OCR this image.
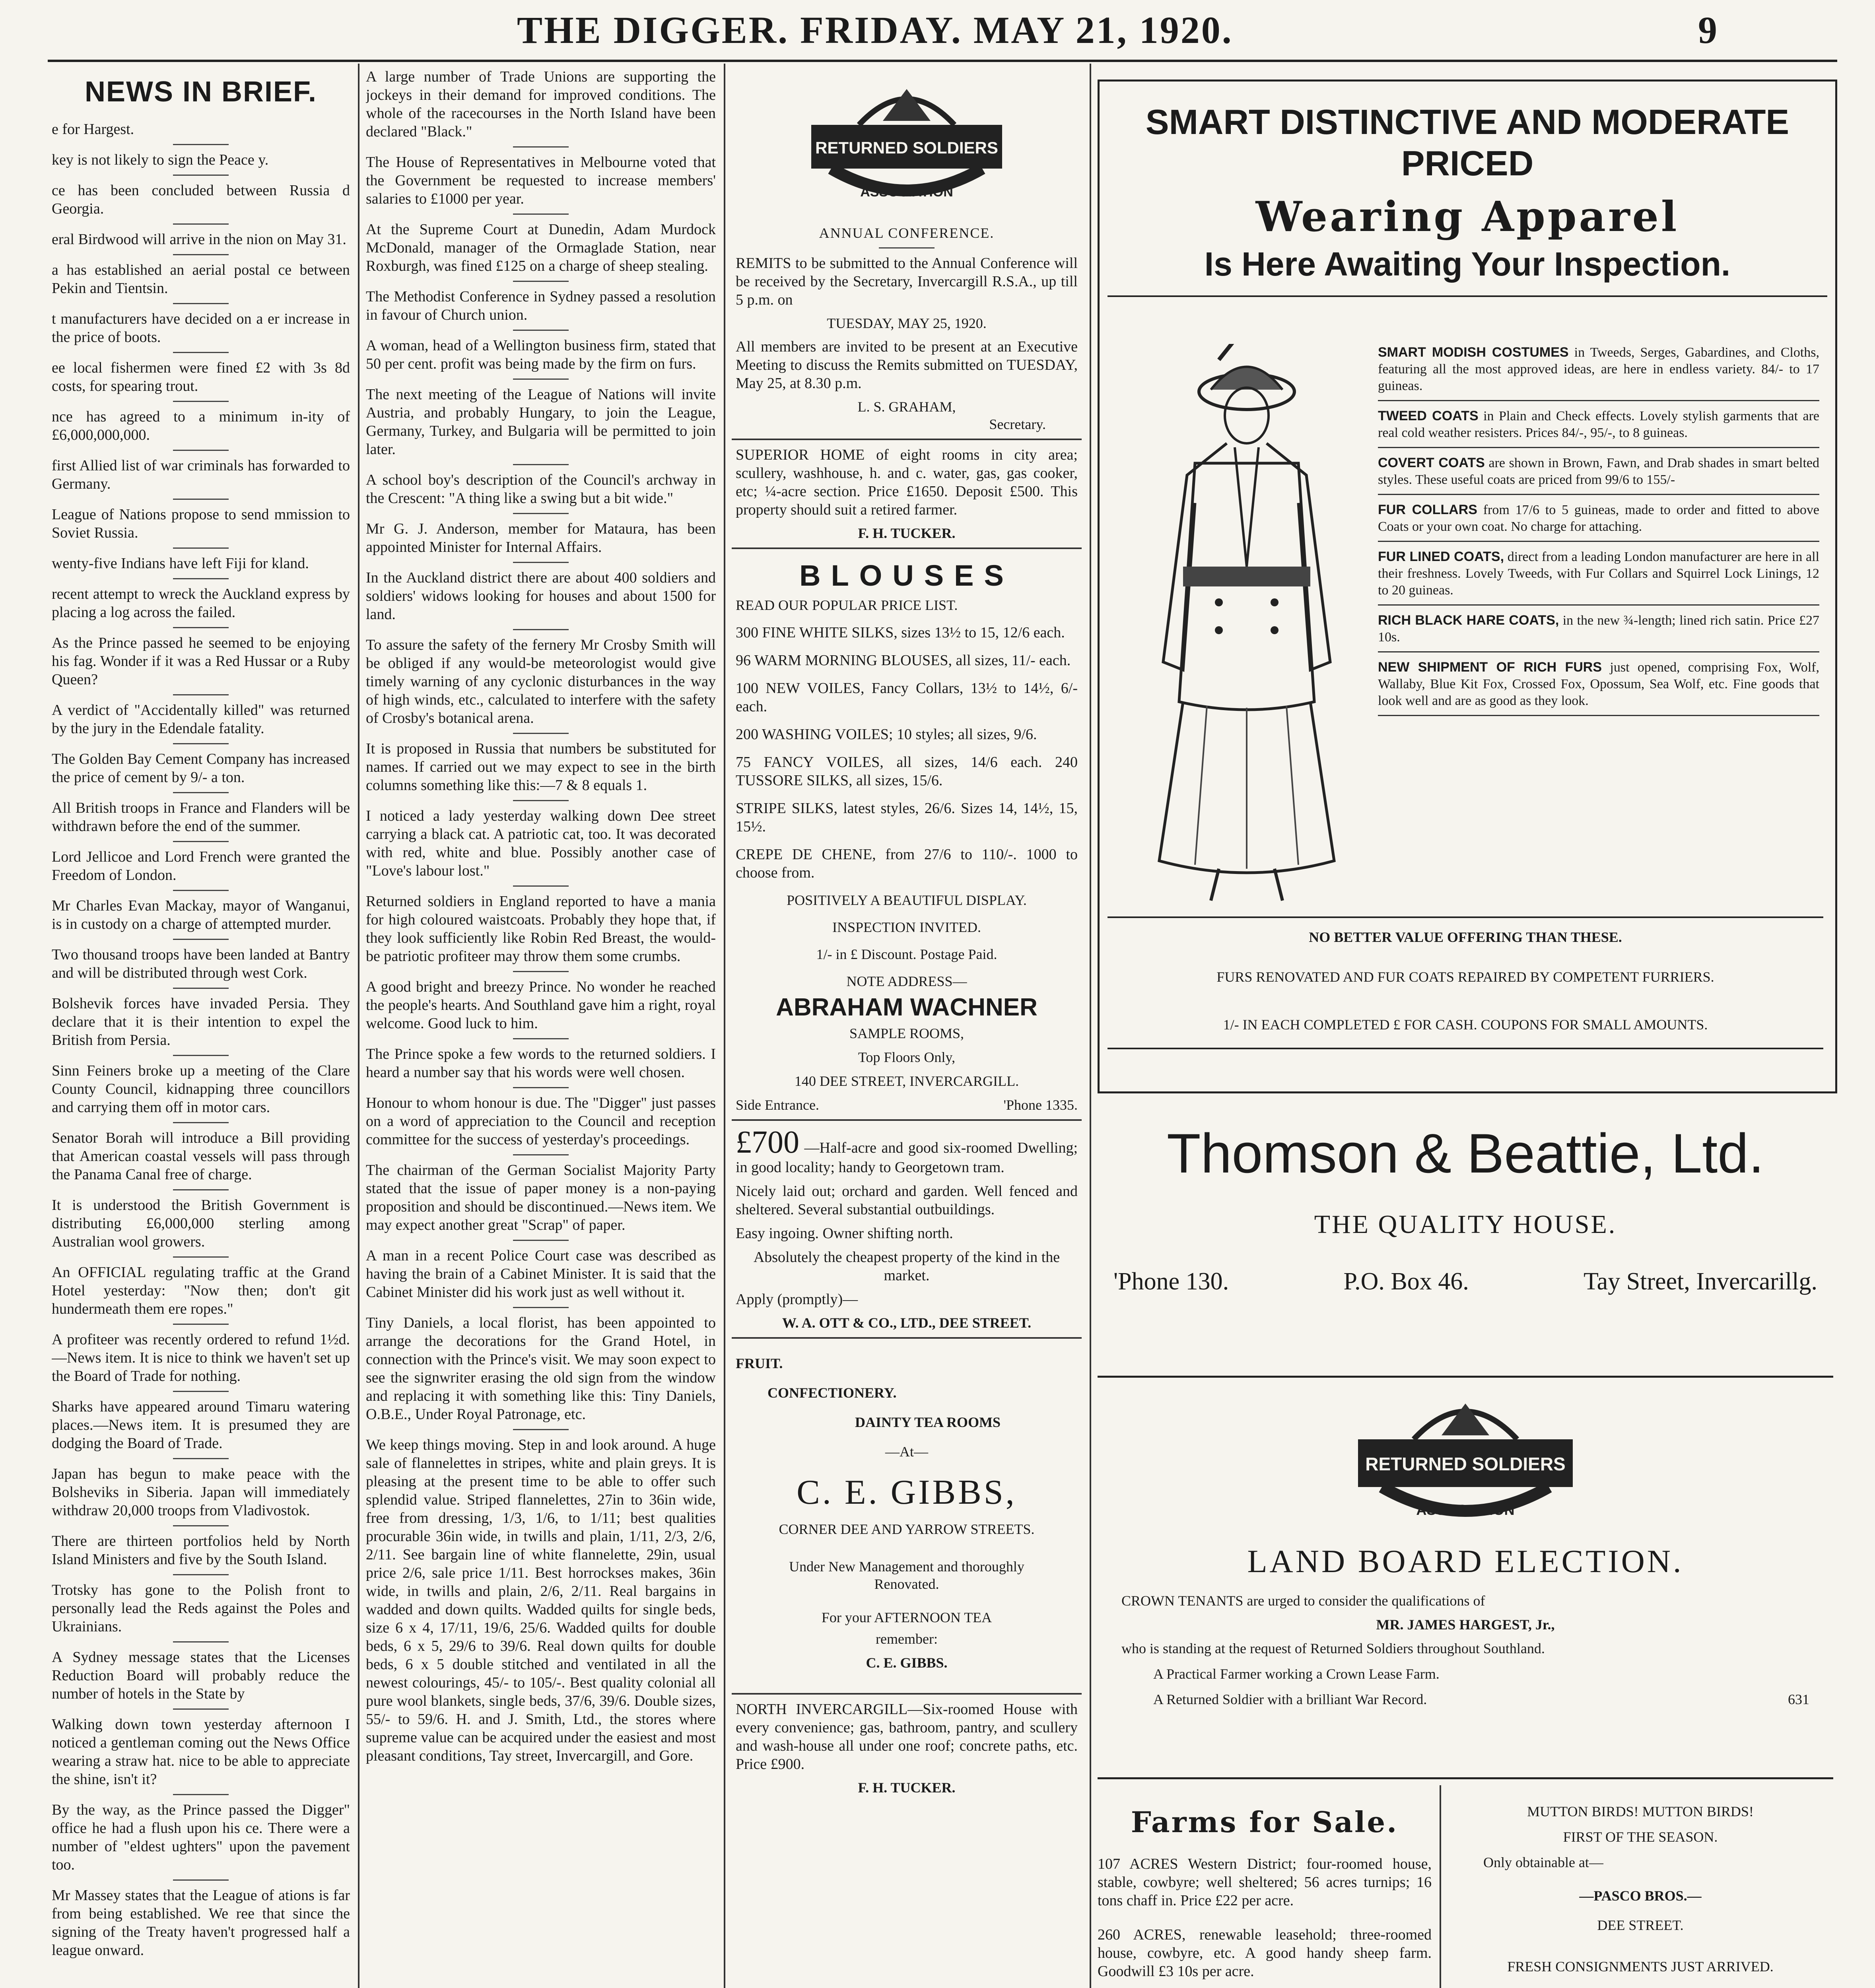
THE DIGGER. FRIDAY. MAY 21, 1920.	9
NEWS IN BRIEF.
e for Hargest.
key is not likely to sign the Peace y.
ce has been concluded between Russia d Georgia.
eral Birdwood will arrive in the nion on May 31.
a has established an aerial postal ce between Pekin and Tientsin.
t manufacturers have decided on a er increase in the price of boots.
ee local fishermen were fined £2 with 3s 8d costs, for spearing trout.
nce has agreed to a minimum in-ity of £6,000,000,000.
first Allied list of war criminals has forwarded to Germany.
League of Nations propose to send mmission to Soviet Russia.
wenty-five Indians have left Fiji for kland.
recent attempt to wreck the Auckland express by placing a log across the failed.
As the Prince passed he seemed to be enjoying his fag. Wonder if it was a Red Hussar or a Ruby Queen?
A verdict of "Accidentally killed" was returned by the jury in the Edendale fatality.
The Golden Bay Cement Company has increased the price of cement by 9/- a ton.
All British troops in France and Flanders will be withdrawn before the end of the summer.
Lord Jellicoe and Lord French were granted the Freedom of London.
Mr Charles Evan Mackay, mayor of Wanganui, is in custody on a charge of attempted murder.
Two thousand troops have been landed at Bantry and will be distributed through west Cork.
Bolshevik forces have invaded Persia. They declare that it is their intention to expel the British from Persia.
Sinn Feiners broke up a meeting of the Clare County Council, kidnapping three councillors and carrying them off in motor cars.
Senator Borah will introduce a Bill providing that American coastal vessels will pass through the Panama Canal free of charge.
It is understood the British Government is distributing £6,000,000 sterling among Australian wool growers.
An OFFICIAL regulating traffic at the Grand Hotel yesterday: "Now then; don't git hundermeath them ere ropes."
A profiteer was recently ordered to refund 1½d.—News item. It is nice to think we haven't set up the Board of Trade for nothing.
Sharks have appeared around Timaru watering places.—News item. It is presumed they are dodging the Board of Trade.
Japan has begun to make peace with the Bolsheviks in Siberia. Japan will immediately withdraw 20,000 troops from Vladivostok.
There are thirteen portfolios held by North Island Ministers and five by the South Island.
Trotsky has gone to the Polish front to personally lead the Reds against the Poles and Ukrainians.
A Sydney message states that the Licenses Reduction Board will probably reduce the number of hotels in the State by
Walking down town yesterday afternoon I noticed a gentleman coming out the News Office wearing a straw hat. nice to be able to appreciate the shine, isn't it?
By the way, as the Prince passed the Digger" office he had a flush upon his ce. There were a number of "eldest ughters" upon the pavement too.
Mr Massey states that the League of ations is far from being established. We ree that since the signing of the Treaty haven't progressed half a league onward.
A large number of Trade Unions are supporting the jockeys in their demand for improved conditions. The whole of the racecourses in the North Island have been declared "Black."
The House of Representatives in Melbourne voted that the Government be requested to increase members' salaries to £1000 per year.
At the Supreme Court at Dunedin, Adam Murdock McDonald, manager of the Ormaglade Station, near Roxburgh, was fined £125 on a charge of sheep stealing.
The Methodist Conference in Sydney passed a resolution in favour of Church union.
A woman, head of a Wellington business firm, stated that 50 per cent. profit was being made by the firm on furs.
The next meeting of the League of Nations will invite Austria, and probably Hungary, to join the League, Germany, Turkey, and Bulgaria will be permitted to join later.
A school boy's description of the Council's archway in the Crescent: "A thing like a swing but a bit wide."
Mr G. J. Anderson, member for Mataura, has been appointed Minister for Internal Affairs.
In the Auckland district there are about 400 soldiers and soldiers' widows looking for houses and about 1500 for land.
To assure the safety of the fernery Mr Crosby Smith will be obliged if any would-be meteorologist would give timely warning of any cyclonic disturbances in the way of high winds, etc., calculated to interfere with the safety of Crosby's botanical arena.
It is proposed in Russia that numbers be substituted for names. If carried out we may expect to see in the birth columns something like this:—7 & 8 equals 1.
I noticed a lady yesterday walking down Dee street carrying a black cat. A patriotic cat, too. It was decorated with red, white and blue. Possibly another case of "Love's labour lost."
Returned soldiers in England reported to have a mania for high coloured waistcoats. Probably they hope that, if they look sufficiently like Robin Red Breast, the would-be patriotic profiteer may throw them some crumbs.
A good bright and breezy Prince. No wonder he reached the people's hearts. And Southland gave him a right, royal welcome. Good luck to him.
The Prince spoke a few words to the returned soldiers. I heard a number say that his words were well chosen.
Honour to whom honour is due. The "Digger" just passes on a word of appreciation to the Council and reception committee for the success of yesterday's proceedings.
The chairman of the German Socialist Majority Party stated that the issue of paper money is a non-paying proposition and should be discontinued.—News item. We may expect another great "Scrap" of paper.
A man in a recent Police Court case was described as having the brain of a Cabinet Minister. It is said that the Cabinet Minister did his work just as well without it.
Tiny Daniels, a local florist, has been appointed to arrange the decorations for the Grand Hotel, in connection with the Prince's visit. We may soon expect to see the signwriter erasing the old sign from the window and replacing it with something like this: Tiny Daniels, O.B.E., Under Royal Patronage, etc.
We keep things moving. Step in and look around. A huge sale of flannelettes in stripes, white and plain greys. It is pleasing at the present time to be able to offer such splendid value. Striped flannelettes, 27in to 36in wide, free from dressing, 1/3, 1/6, to 1/11; best qualities procurable 36in wide, in twills and plain, 1/11, 2/3, 2/6, 2/11. See bargain line of white flannelette, 29in, usual price 2/6, sale price 1/11. Best horrockses makes, 36in wide, in twills and plain, 2/6, 2/11. Real bargains in wadded and down quilts. Wadded quilts for single beds, size 6 x 4, 17/11, 19/6, 25/6. Wadded quilts for double beds, 6 x 5, 29/6 to 39/6. Real down quilts for double beds, 6 x 5 double stitched and ventilated in all the newest colourings, 45/- to 105/-. Best quality colonial all pure wool blankets, single beds, 37/6, 39/6. Double sizes, 55/- to 59/6. H. and J. Smith, Ltd., the stores where supreme value can be acquired under the easiest and most pleasant conditions, Tay street, Invercargill, and Gore.
RETURNED SOLDIERS
ASSOCIATION
ANNUAL CONFERENCE.
REMITS to be submitted to the Annual Conference will be received by the Secretary, Invercargill R.S.A., up till 5 p.m. on
TUESDAY, MAY 25, 1920.
All members are invited to be present at an Executive Meeting to discuss the Remits submitted on TUESDAY, May 25, at 8.30 p.m.
L. S. GRAHAM,
Secretary.
SUPERIOR HOME of eight rooms in city area; scullery, washhouse, h. and c. water, gas, gas cooker, etc; ¼-acre section. Price £1650. Deposit £500. This property should suit a retired farmer.
F. H. TUCKER.
BLOUSES
READ OUR POPULAR PRICE LIST.
300 FINE WHITE SILKS, sizes 13½ to 15, 12/6 each.
96 WARM MORNING BLOUSES, all sizes, 11/- each.
100 NEW VOILES, Fancy Collars, 13½ to 14½, 6/- each.
200 WASHING VOILES; 10 styles; all sizes, 9/6.
75 FANCY VOILES, all sizes, 14/6 each. 240 TUSSORE SILKS, all sizes, 15/6.
STRIPE SILKS, latest styles, 26/6. Sizes 14, 14½, 15, 15½.
CREPE DE CHENE, from 27/6 to 110/-. 1000 to choose from.
POSITIVELY A BEAUTIFUL DISPLAY.
INSPECTION INVITED.
1/- in £ Discount. Postage Paid.
NOTE ADDRESS—
ABRAHAM WACHNER
SAMPLE ROOMS,
Top Floors Only,
140 DEE STREET, INVERCARGILL.
Side Entrance.	'Phone 1335.
£700 —Half-acre and good six-roomed Dwelling; in good locality; handy to Georgetown tram.
Nicely laid out; orchard and garden. Well fenced and sheltered. Several substantial outbuildings.
Easy ingoing. Owner shifting north.
Absolutely the cheapest property of the kind in the market.
Apply (promptly)—
W. A. OTT & CO., LTD., DEE STREET.
FRUIT.
CONFECTIONERY.
DAINTY TEA ROOMS
—At—
C. E. GIBBS,
CORNER DEE AND YARROW STREETS.
Under New Management and thoroughly Renovated.
For your AFTERNOON TEA
remember:
C. E. GIBBS.
NORTH INVERCARGILL—Six-roomed House with every convenience; gas, bathroom, pantry, and scullery and wash-house all under one roof; concrete paths, etc. Price £900.
F. H. TUCKER.
SMART DISTINCTIVE AND MODERATE PRICED
Wearing Apparel
Is Here Awaiting Your Inspection.

SMART MODISH COSTUMES in Tweeds, Serges, Gabardines, and Cloths, featuring all the most approved ideas, are here in endless variety. 84/- to 17 guineas.

TWEED COATS in Plain and Check effects. Lovely stylish garments that are real cold weather resisters. Prices 84/-, 95/-, to 8 guineas.

COVERT COATS are shown in Brown, Fawn, and Drab shades in smart belted styles. These useful coats are priced from 99/6 to 155/-

FUR COLLARS from 17/6 to 5 guineas, made to order and fitted to above Coats or your own coat. No charge for attaching.

FUR LINED COATS, direct from a leading London manufacturer are here in all their freshness. Lovely Tweeds, with Fur Collars and Squirrel Lock Linings, 12 to 20 guineas.

RICH BLACK HARE COATS, in the new ¾-length; lined rich satin. Price £27 10s.

NEW SHIPMENT OF RICH FURS just opened, comprising Fox, Wolf, Wallaby, Blue Kit Fox, Crossed Fox, Opossum, Sea Wolf, etc. Fine goods that look well and are as good as they look.

NO BETTER VALUE OFFERING THAN THESE.
FURS RENOVATED AND FUR COATS REPAIRED BY COMPETENT FURRIERS.
1/- IN EACH COMPLETED £ FOR CASH. COUPONS FOR SMALL AMOUNTS.
Thomson & Beattie, Ltd.
THE QUALITY HOUSE.
'Phone 130.	P.O. Box 46.	Tay Street, Invercarillg.
RETURNED SOLDIERS
ASSOCIATION
LAND BOARD ELECTION.
CROWN TENANTS are urged to consider the qualifications of
MR. JAMES HARGEST, Jr.,
who is standing at the request of Returned Soldiers throughout Southland.
A Practical Farmer working a Crown Lease Farm.
A Returned Soldier with a brilliant War Record.	631
Farms for Sale.
107 ACRES Western District; four-roomed house, stable, cowbyre; well sheltered; 56 acres turnips; 16 tons chaff in. Price £22 per acre.
260 ACRES, renewable leasehold; three-roomed house, cowbyre, etc. A good handy sheep farm. Goodwill £3 10s per acre.
MUTTON BIRDS! MUTTON BIRDS!
FIRST OF THE SEASON.
Only obtainable at—
—PASCO BROS.—
DEE STREET.
FRESH CONSIGNMENTS JUST ARRIVED.
